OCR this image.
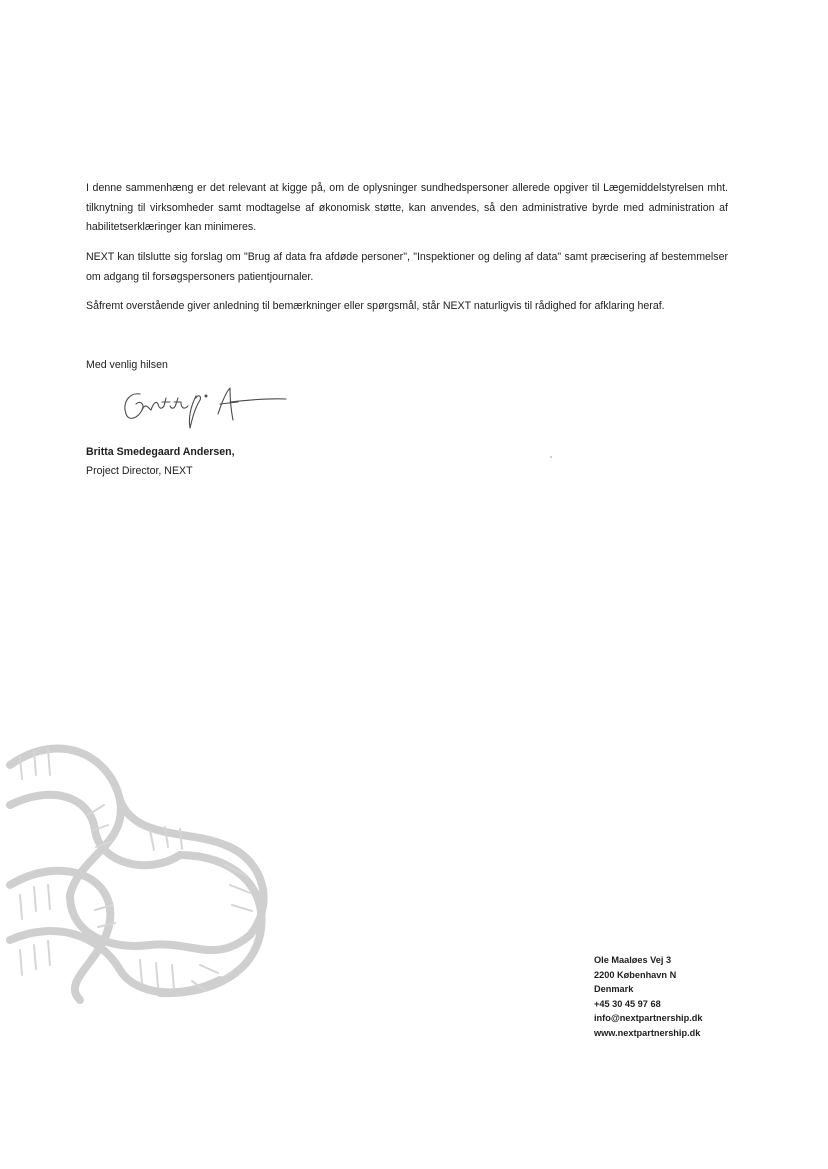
I denne sammenhæng er det relevant at kigge på, om de oplysninger sundhedspersoner allerede opgiver til Lægemiddelstyrelsen mht. tilknytning til virksomheder samt modtagelse af økonomisk støtte, kan anvendes, så den administrative byrde med administration af habilitetserklæringer kan minimeres.

NEXT kan tilslutte sig forslag om "Brug af data fra afdøde personer", "Inspektioner og deling af data" samt præcisering af bestemmelser om adgang til forsøgspersoners patientjournaler.

Såfremt overstående giver anledning til bemærkninger eller spørgsmål, står NEXT naturligvis til rådighed for afklaring heraf.

Med venlig hilsen

Britta Smedegaard Andersen,

Project Director, NEXT

Ole Maaløes Vej 3
2200 København N
Denmark
+45 30 45 97 68
info@nextpartnership.dk
www.nextpartnership.dk
